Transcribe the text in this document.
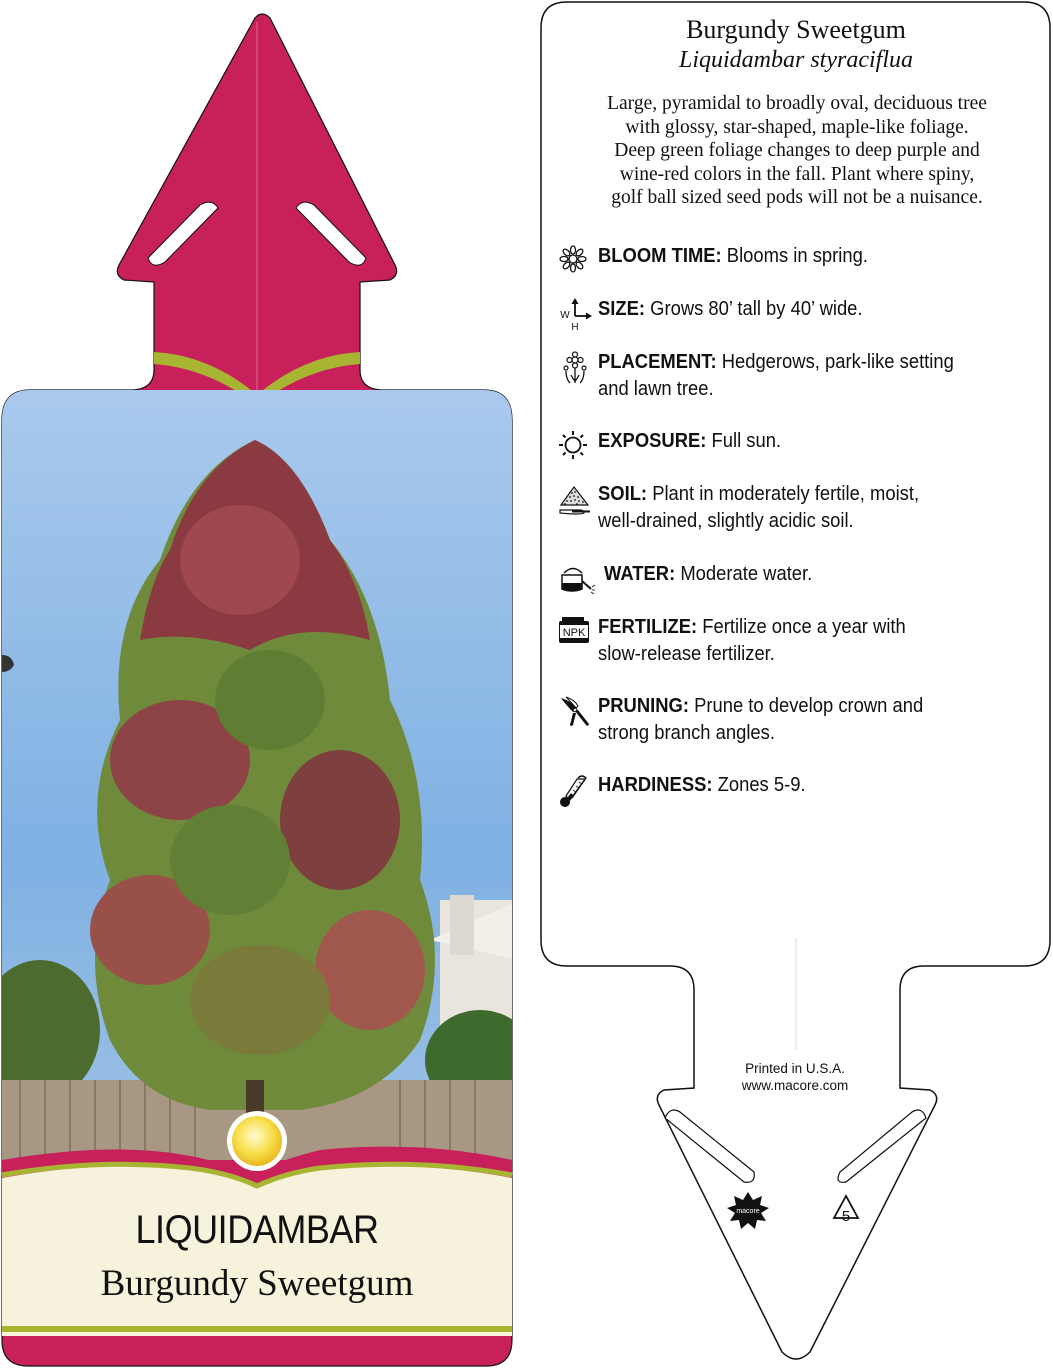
LIQUIDAMBAR
Burgundy Sweetgum
macore	5
Burgundy Sweetgum
Liquidambar styraciflua
Large, pyramidal to broadly oval, deciduous tree
with glossy, star-shaped, maple-like foliage.
Deep green foliage changes to deep purple and
wine-red colors in the fall. Plant where spiny,
golf ball sized seed pods will not be a nuisance.
BLOOM TIME: Blooms in spring.
W
H
SIZE: Grows 80’ tall by 40’ wide.
PLACEMENT: Hedgerows, park-like setting
and lawn tree.
EXPOSURE: Full sun.
SOIL: Plant in moderately fertile, moist,
well-drained, slightly acidic soil.
WATER: Moderate water.
NPK FERTILIZE: Fertilize once a year with
slow-release fertilizer.
PRUNING: Prune to develop crown and
strong branch angles.
HARDINESS: Zones 5-9.
Printed in U.S.A.
www.macore.com
